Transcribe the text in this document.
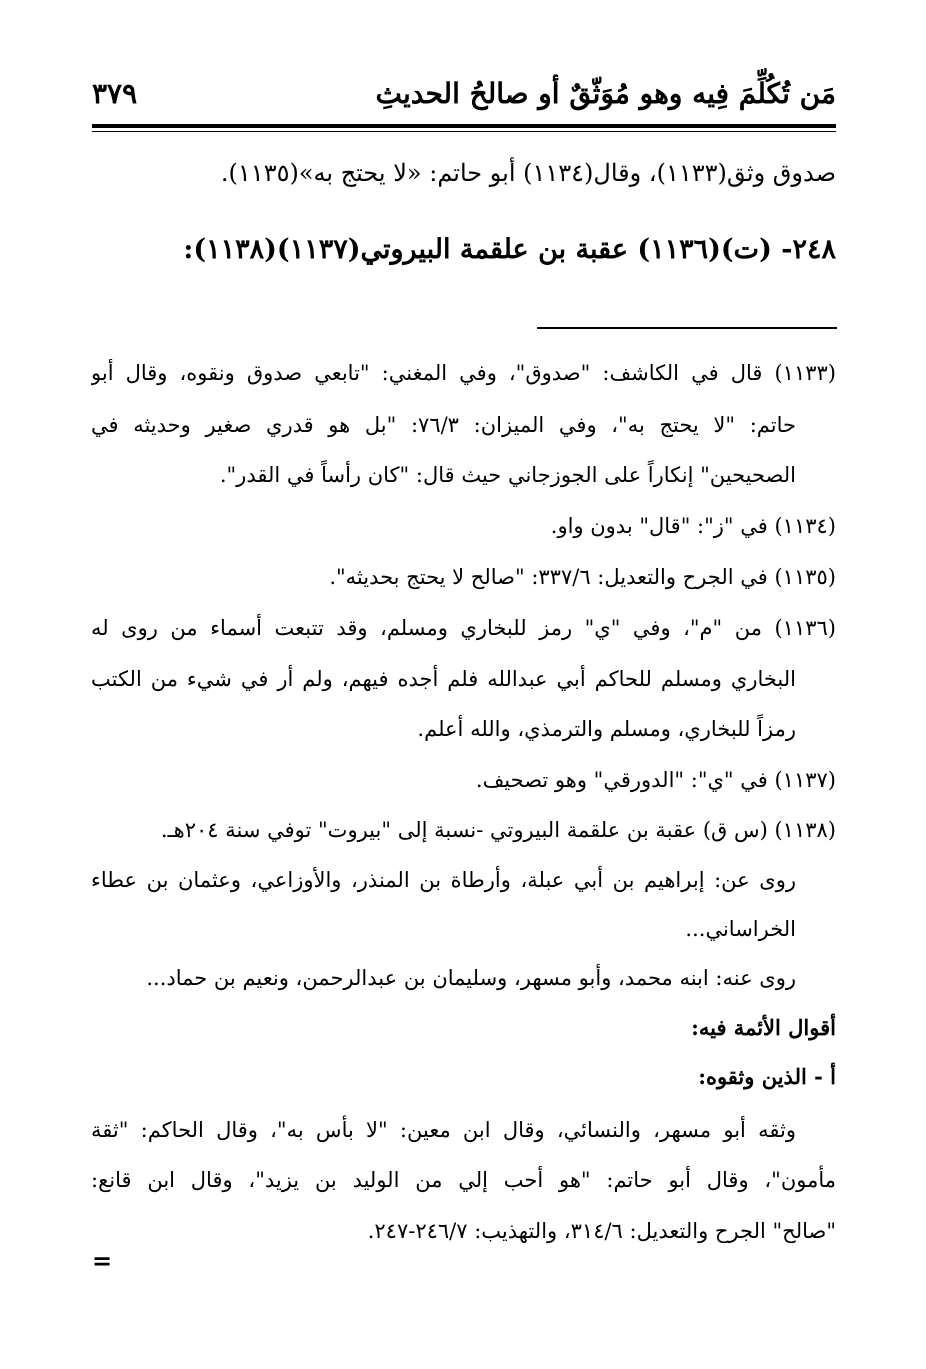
مَن تُكُلِّمَ فِيه وهو مُوَثّقٌ أو صالحُ الحديثِ
٣٧٩
صدوق وثق(١١٣٣)، وقال(١١٣٤) أبو حاتم: «لا يحتج به»(١١٣٥).
٢٤٨- (ت)(١١٣٦) عقبة بن علقمة البيروتي(١١٣٧)(١١٣٨):
(١١٣٣) قال في الكاشف: "صدوق"، وفي المغني: "تابعي صدوق ونقوه، وقال أبو
حاتم: "لا يحتج به"، وفي الميزان: ٧٦/٣: "بل هو قدري صغير وحديثه في
الصحيحين" إنكاراً على الجوزجاني حيث قال: "كان رأساً في القدر".
(١١٣٤) في "ز": "قال" بدون واو.
(١١٣٥) في الجرح والتعديل: ٣٣٧/٦: "صالح لا يحتج بحديثه".
(١١٣٦) من "م"، وفي "ي" رمز للبخاري ومسلم، وقد تتبعت أسماء من روى له
البخاري ومسلم للحاكم أبي عبدالله فلم أجده فيهم، ولم أر في شيء من الكتب
رمزاً للبخاري، ومسلم والترمذي، والله أعلم.
(١١٣٧) في "ي": "الدورقي" وهو تصحيف.
(١١٣٨) (س ق) عقبة بن علقمة البيروتي -نسبة إلى "بيروت" توفي سنة ٢٠٤هـ.
روى عن: إبراهيم بن أبي عبلة، وأرطاة بن المنذر، والأوزاعي، وعثمان بن عطاء
الخراساني...
روى عنه: ابنه محمد، وأبو مسهر، وسليمان بن عبدالرحمن، ونعيم بن حماد...
أقوال الأئمة فيه:
أ - الذين وثقوه:
وثقه أبو مسهر، والنسائي، وقال ابن معين: "لا بأس به"، وقال الحاكم: "ثقة
مأمون"، وقال أبو حاتم: "هو أحب إلي من الوليد بن يزيد"، وقال ابن قانع:
"صالح" الجرح والتعديل: ٣١٤/٦، والتهذيب: ٢٤٦/٧-٢٤٧.
=
